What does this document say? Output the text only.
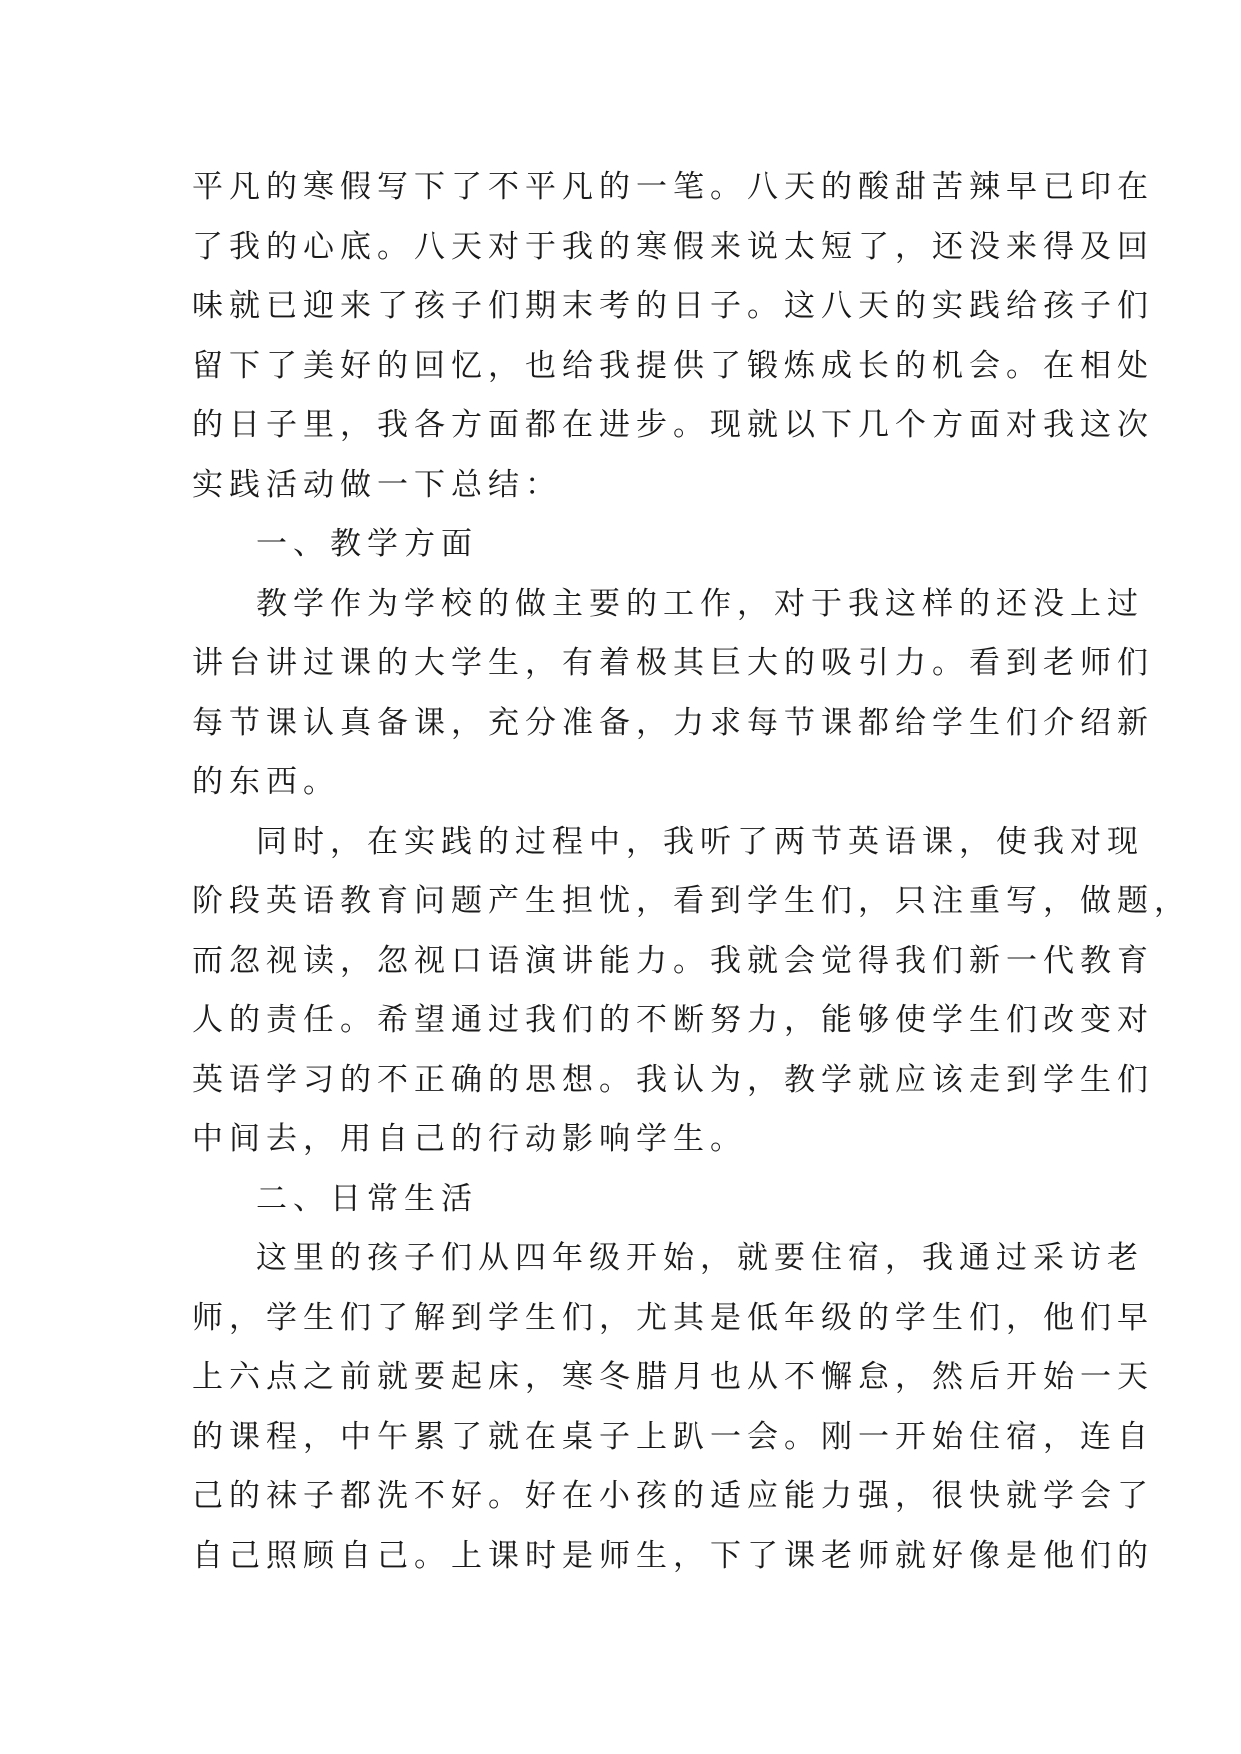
平凡的寒假写下了不平凡的一笔。八天的酸甜苦辣早已印在
了我的心底。八天对于我的寒假来说太短了，还没来得及回
味就已迎来了孩子们期末考的日子。这八天的实践给孩子们
留下了美好的回忆，也给我提供了锻炼成长的机会。在相处
的日子里，我各方面都在进步。现就以下几个方面对我这次
实践活动做一下总结：
一、教学方面
教学作为学校的做主要的工作，对于我这样的还没上过
讲台讲过课的大学生，有着极其巨大的吸引力。看到老师们
每节课认真备课，充分准备，力求每节课都给学生们介绍新
的东西。
同时，在实践的过程中，我听了两节英语课，使我对现
阶段英语教育问题产生担忧，看到学生们，只注重写，做题，
而忽视读，忽视口语演讲能力。我就会觉得我们新一代教育
人的责任。希望通过我们的不断努力，能够使学生们改变对
英语学习的不正确的思想。我认为，教学就应该走到学生们
中间去，用自己的行动影响学生。
二、日常生活
这里的孩子们从四年级开始，就要住宿，我通过采访老
师，学生们了解到学生们，尤其是低年级的学生们，他们早
上六点之前就要起床，寒冬腊月也从不懈怠，然后开始一天
的课程，中午累了就在桌子上趴一会。刚一开始住宿，连自
己的袜子都洗不好。好在小孩的适应能力强，很快就学会了
自己照顾自己。上课时是师生，下了课老师就好像是他们的
